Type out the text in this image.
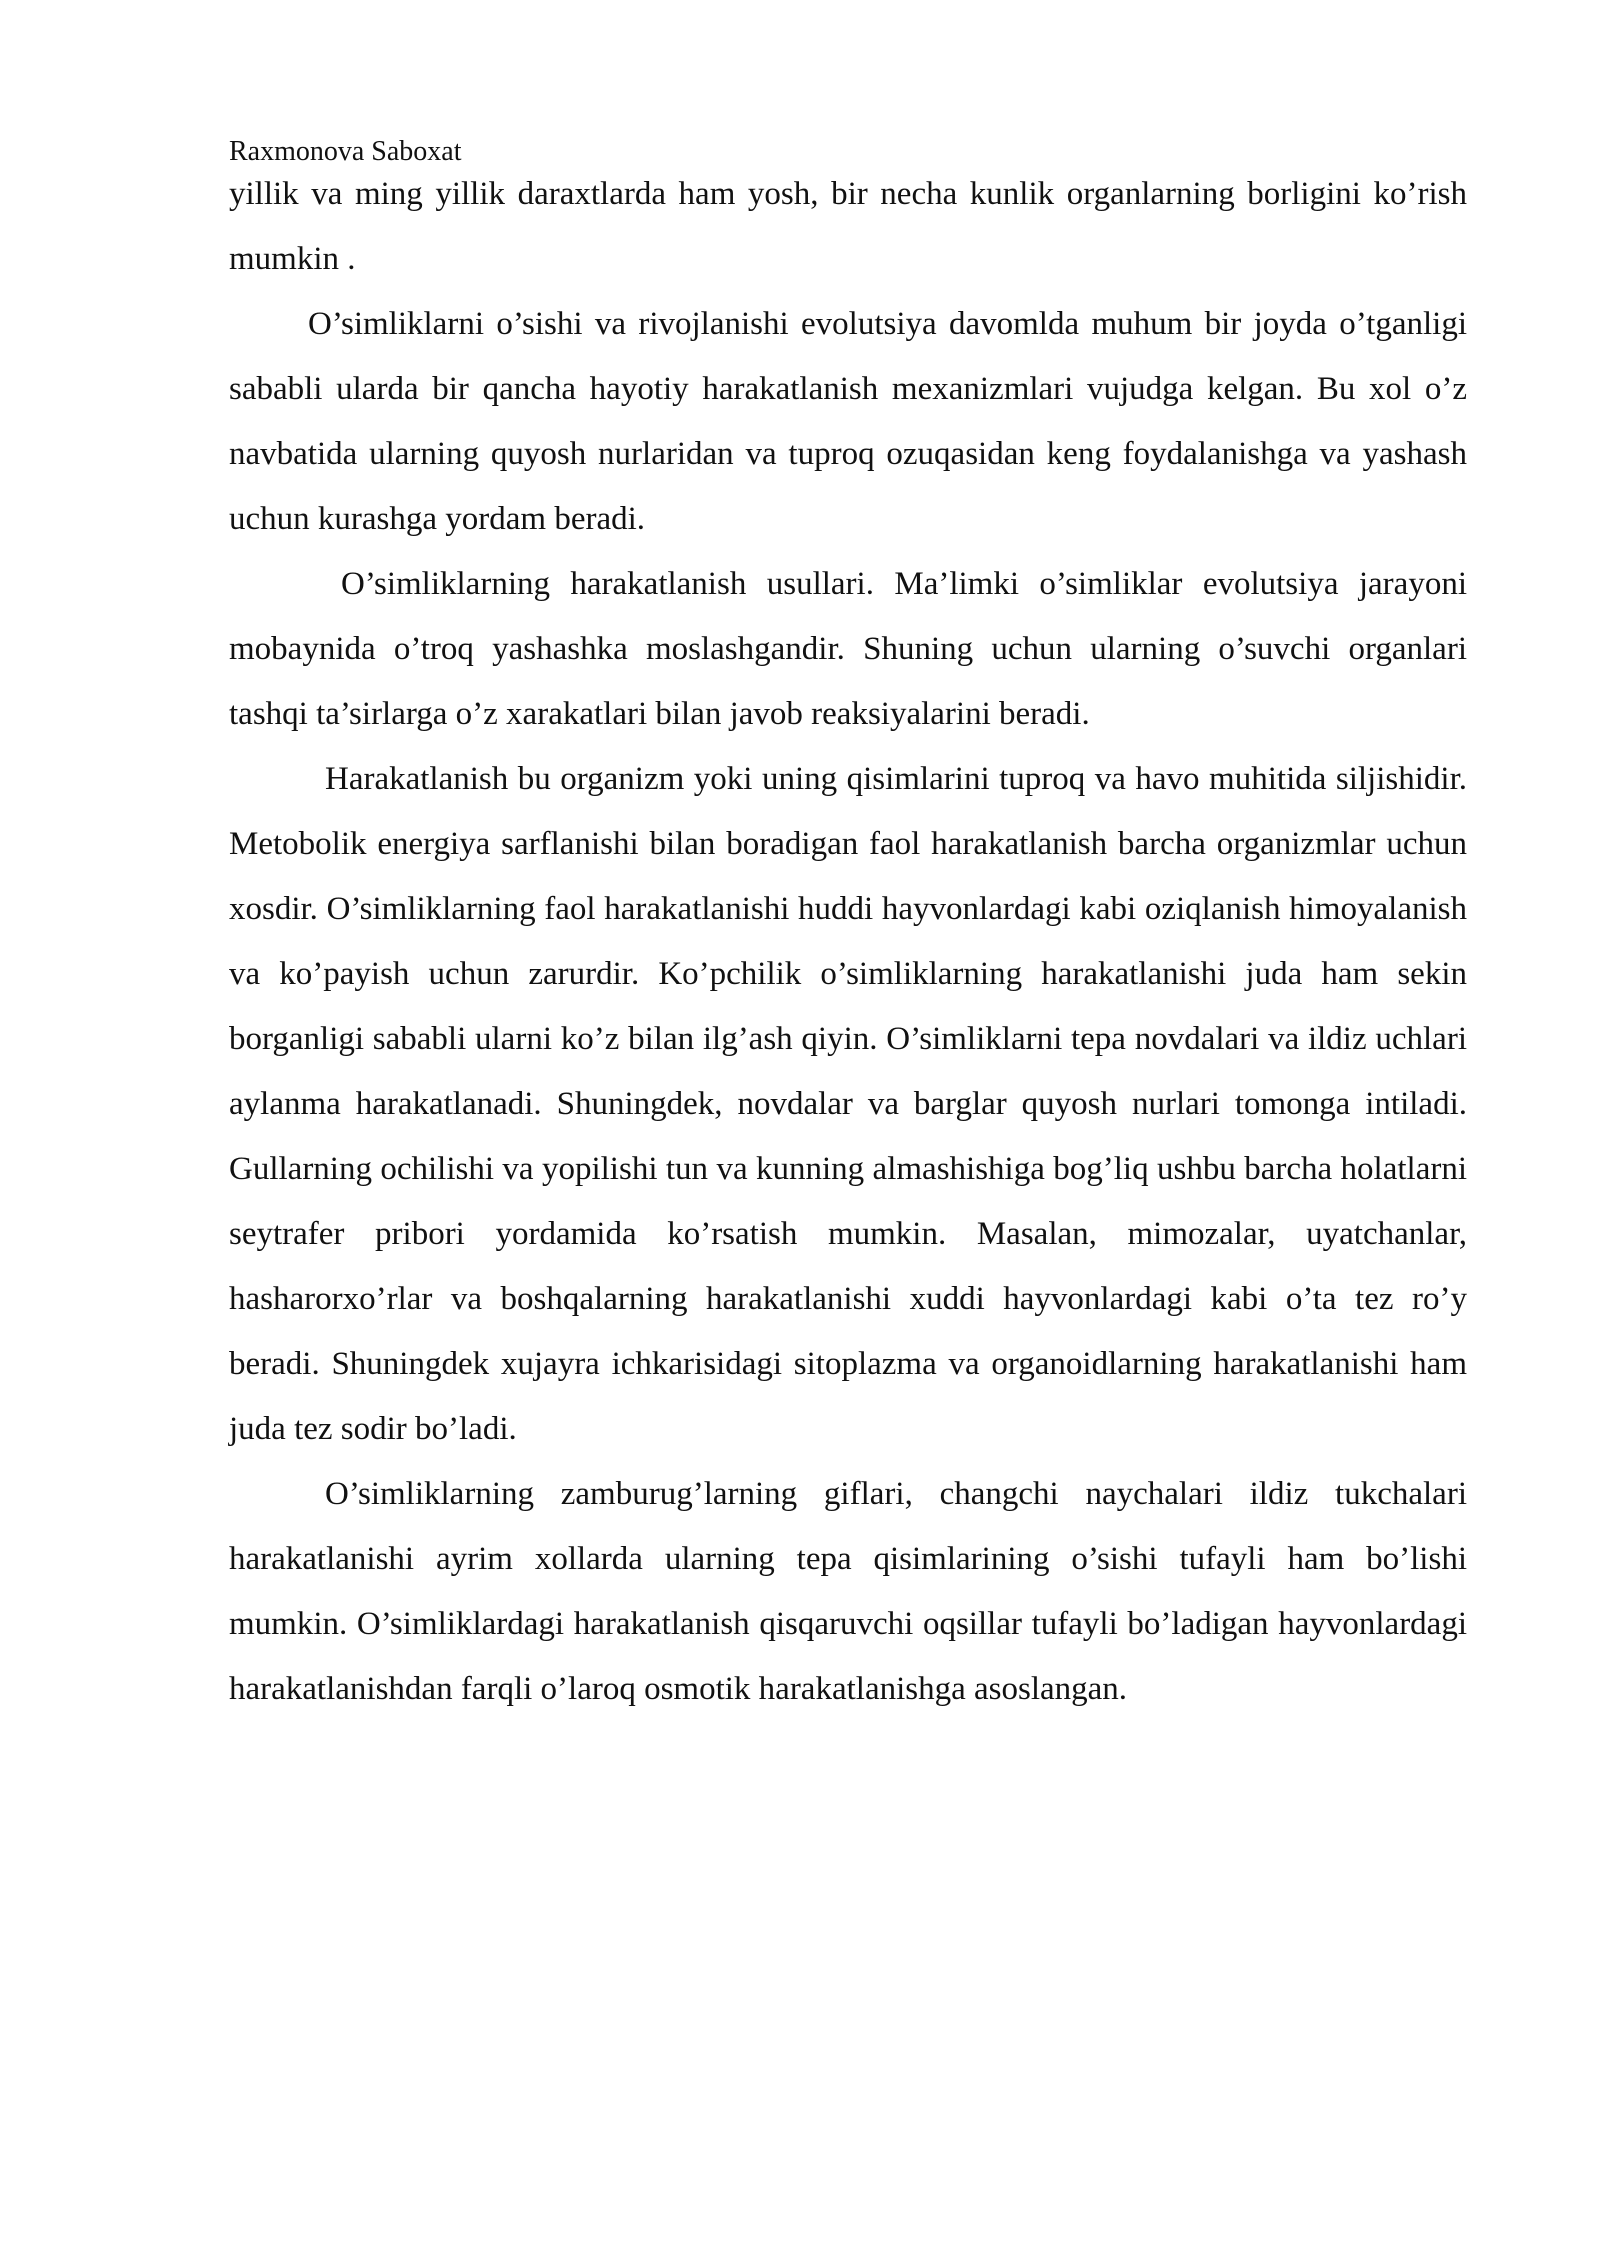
Raxmonova Saboxat

yillik va ming yillik daraxtlarda ham yosh, bir necha kunlik organlarning borligini ko’rish mumkin .

O’simliklarni o’sishi va rivojlanishi evolutsiya davomlda muhum bir joyda o’tganligi sababli ularda bir qancha hayotiy harakatlanish mexanizmlari vujudga kelgan. Bu xol o’z navbatida ularning quyosh nurlaridan va tuproq ozuqasidan keng foydalanishga va yashash uchun kurashga yordam beradi.

O’simliklarning harakatlanish usullari. Ma’limki o’simliklar evolutsiya jarayoni mobaynida o’troq yashashka moslashgandir. Shuning uchun ularning o’suvchi organlari tashqi ta’sirlarga o’z xarakatlari bilan javob reaksiyalarini beradi.

Harakatlanish bu organizm yoki uning qisimlarini tuproq va havo muhitida siljishidir. Metobolik energiya sarflanishi bilan boradigan faol harakatlanish barcha organizmlar uchun xosdir. O’simliklarning faol harakatlanishi huddi hayvonlardagi kabi oziqlanish himoyalanish va ko’payish uchun zarurdir. Ko’pchilik o’simliklarning harakatlanishi juda ham sekin borganligi sababli ularni ko’z bilan ilg’ash qiyin. O’simliklarni tepa novdalari va ildiz uchlari aylanma harakatlanadi. Shuningdek, novdalar va barglar quyosh nurlari tomonga intiladi. Gullarning ochilishi va yopilishi tun va kunning almashishiga bog’liq ushbu barcha holatlarni seytrafer pribori yordamida ko’rsatish mumkin. Masalan, mimozalar, uyatchanlar, hasharorxo’rlar va boshqalarning harakatlanishi xuddi hayvonlardagi kabi o’ta tez ro’y beradi. Shuningdek xujayra ichkarisidagi sitoplazma va organoidlarning harakatlanishi ham juda tez sodir bo’ladi.

O’simliklarning zamburug’larning giflari, changchi naychalari ildiz tukchalari harakatlanishi ayrim xollarda ularning tepa qisimlarining o’sishi tufayli ham bo’lishi mumkin. O’simliklardagi harakatlanish qisqaruvchi oqsillar tufayli bo’ladigan hayvonlardagi harakatlanishdan farqli o’laroq osmotik harakatlanishga asoslangan.
